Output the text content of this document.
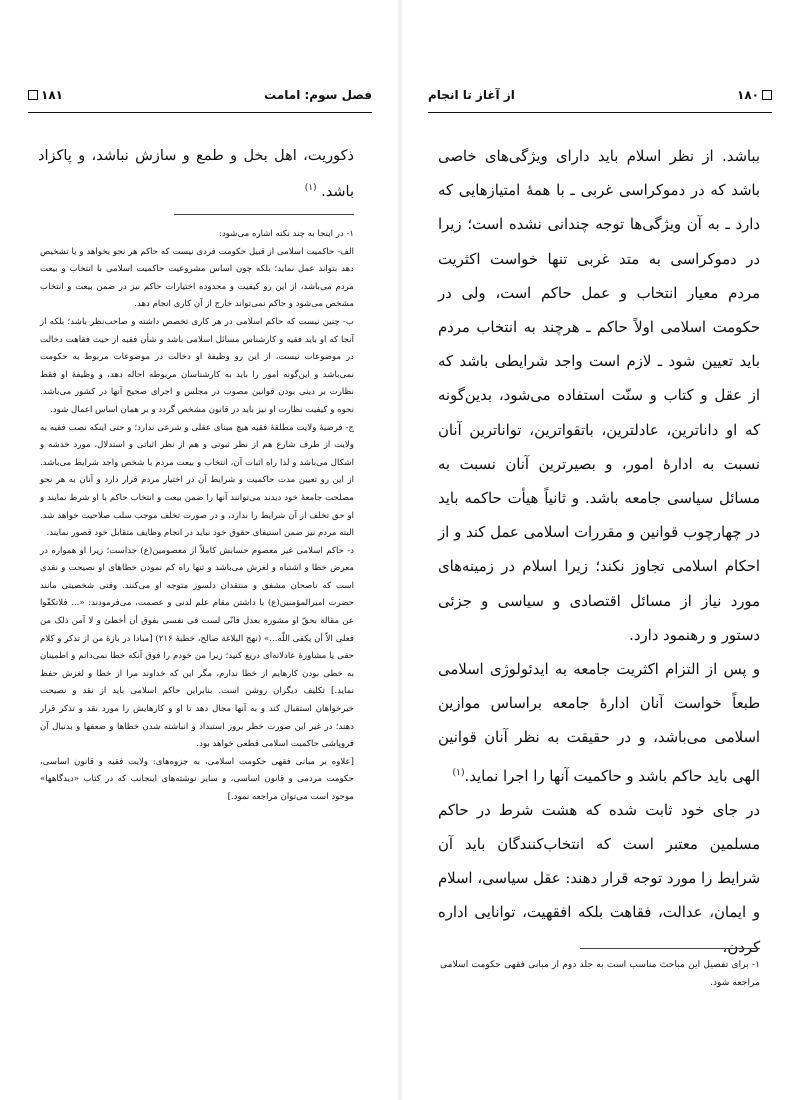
۱۸۱	فصل سوم: امامت
ذکوریت، اهل بخل و طمع و سازش نباشد، و پاکزاد باشد. $^{(۱)}$

۱- در اینجا به چند نکته اشاره می‌شود:

الف- حاکمیت اسلامی از قبیل حکومت فردی نیست که حاکم هر نحو بخواهد و یا تشخیص دهد بتواند عمل نماید؛ بلکه چون اساس مشروعیت حاکمیت اسلامی با انتخاب و بیعت مردم می‌باشد، از این رو کیفیت و محدوده اختیارات حاکم نیز در ضمن بیعت و انتخاب مشخص می‌شود و حاکم نمی‌تواند خارج از آن کاری انجام دهد.

ب- چنین نیست که حاکم اسلامی در هر کاری تخصص داشته و صاحب‌نظر باشد؛ بلکه از آنجا که او باید فقیه و کارشناس مسائل اسلامی باشد و شأن فقیه از حیث فقاهت دخالت در موضوعات نیست، از این رو وظیفهٔ او دخالت در موضوعات مربوط به حکومت نمی‌باشد و این‌گونه امور را باید به کارشناسان مربوطه احاله دهد، و وظیفهٔ او فقط نظارت بر دینی بودن قوانین مصوب در مجلس و اجرای صحیح آنها در کشور می‌باشد. نحوه و کیفیت نظارت او نیز باید در قانون مشخص گردد و بر همان اساس اعمال شود.

ج- فرضیهٔ ولایت مطلقهٔ فقیه هیچ مبنای عقلی و شرعی ندارد؛ و حتی اینکه نصب فقیه به ولایت از طرف شارع هم از نظر ثبوتی و هم از نظر اثباتی و استدلال، مورد خدشه و اشکال می‌باشد و لذا راه اثبات آن، انتخاب و بیعت مردم با شخص واجد شرایط می‌باشد. از این رو تعیین مدت حاکمیت و شرایط آن در اختیار مردم قرار دارد و آنان به هر نحو مصلحت جامعهٔ خود دیدند می‌توانند آنها را ضمن بیعت و انتخاب حاکم با او شرط نمایند و او حق تخلف از آن شرایط را ندارد، و در صورت تخلف موجب سلب صلاحیت خواهد شد. البته مردم نیز ضمن استیفای حقوق خود نباید در انجام وظایف متقابل خود قصور نمایند.

د- حاکم اسلامی غیر معصوم حسابش کاملاً از معصومین(ع) جداست؛ زیرا او همواره در معرض خطا و اشتباه و لغزش می‌باشد و تنها راه کم نمودن خطاهای او نصیحت و نقدی است که ناصحان مشفق و منتقدان دلسوز متوجه او می‌کنند. وقتی شخصیتی مانند حضرت امیرالمؤمنین(ع) با داشتن مقام علم لدنی و عصمت، می‌فرمودند: «... فلاتکفّوا عن مقالة بحقّ او مشورة بعدل فانّی لست فی نفسی بفوق أن أخطئ و لا آمن ذلک من فعلی الاّ أن یکفی اللّه...» (نهج البلاغة صالح، خطبهٔ ۲۱۶) [مبادا در بازهٔ من از تذکر و کلام حقی یا مشاورهٔ عادلانه‌ای دریغ کنید؛ زیرا من خودم را فوق آنکه خطا نمی‌دانم و اطمینان به خطی بودن کارهایم از خطا ندارم، مگر این که خداوند مرا از خطا و لغزش حفظ نماید.] تکلیف دیگران روشن است. بنابراین حاکم اسلامی باید از نقد و نصیحت خیرخواهان استقبال کند و به آنها مجال دهد تا او و کارهایش را مورد نقد و تذکر قرار دهند؛ در غیر این صورت خطر بروز استبداد و انباشته شدن خطاها و ضعفها و بدنبال آن فروپاشی حاکمیت اسلامی قطعی خواهد بود.

[علاوه بر مبانی فقهی حکومت اسلامی، به جزوه‌های: ولایت فقیه و قانون اساسی، حکومت مردمی و قانون اساسی، و سایر نوشته‌های اینجانب که در کتاب «دیدگاهها» موجود است می‌توان مراجعه نمود.]

از آغاز تا انجام	۱۸۰

بباشد. از نظر اسلام باید دارای ویژگی‌های خاصی باشد که در دموکراسی غربی ـ با همهٔ امتیازهایی که دارد ـ به آن ویژگی‌ها توجه چندانی نشده است؛ زیرا در دموکراسی به متد غربی تنها خواست اکثریت مردم معیار انتخاب و عمل حاکم است، ولی در حکومت اسلامی اولاً حاکم ـ هرچند به انتخاب مردم باید تعیین شود ـ لازم است واجد شرایطی باشد که از عقل و کتاب و سنّت استفاده می‌شود، بدین‌گونه که او داناترین، عادلترین، باتقواترین، تواناترین آنان نسبت به ادارهٔ امور، و بصیرترین آنان نسبت به مسائل سیاسی جامعه باشد. و ثانیاً هیأت حاکمه باید در چهارچوب قوانین و مقررات اسلامی عمل کند و از احکام اسلامی تجاوز نکند؛ زیرا اسلام در زمینه‌های مورد نیاز از مسائل اقتصادی و سیاسی و جزئی دستور و رهنمود دارد.

و پس از التزام اکثریت جامعه به ایدئولوژی اسلامی طبعاً خواست آنان ادارهٔ جامعه براساس موازین اسلامی می‌باشد، و در حقیقت به نظر آنان قوانین الهی باید حاکم باشد و حاکمیت آنها را اجرا نماید.$^{(۱)}$

در جای خود ثابت شده که هشت شرط در حاکم مسلمین معتبر است که انتخاب‌کنندگان باید آن شرایط را مورد توجه قرار دهند: عقل سیاسی، اسلام و ایمان، عدالت، فقاهت بلکه افقهیت، توانایی اداره کردن،

۱- برای تفصیل این مباحث مناسب است به جلد دوم از مبانی فقهی حکومت اسلامی مراجعه شود.
